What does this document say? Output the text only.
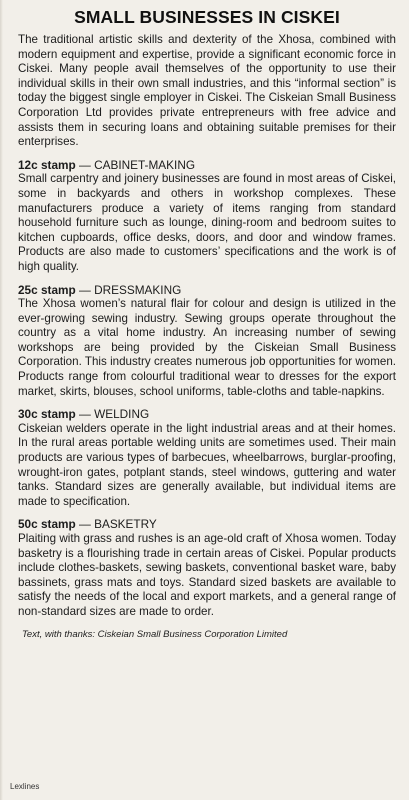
SMALL BUSINESSES IN CISKEI

The traditional artistic skills and dexterity of the Xhosa, combined with modern equipment and expertise, provide a significant economic force in Ciskei. Many people avail themselves of the opportunity to use their individual skills in their own small industries, and this “informal section” is today the biggest single employer in Ciskei. The Ciskeian Small Business Corporation Ltd provides private entrepreneurs with free advice and assists them in securing loans and obtaining suitable premises for their enterprises.

12c stamp — CABINET-MAKING

Small carpentry and joinery businesses are found in most areas of Ciskei, some in backyards and others in workshop complexes. These manufacturers produce a variety of items ranging from standard household furniture such as lounge, dining-room and bedroom suites to kitchen cupboards, office desks, doors, and door and window frames. Products are also made to customers’ specifications and the work is of high quality.

25c stamp — DRESSMAKING

The Xhosa women’s natural flair for colour and design is utilized in the ever-growing sewing industry. Sewing groups operate throughout the country as a vital home industry. An increasing number of sewing workshops are being provided by the Ciskeian Small Business Corporation. This industry creates numerous job opportunities for women. Products range from colourful traditional wear to dresses for the export market, skirts, blouses, school uniforms, table-cloths and table-napkins.

30c stamp — WELDING

Ciskeian welders operate in the light industrial areas and at their homes. In the rural areas portable welding units are sometimes used. Their main products are various types of barbecues, wheelbarrows, burglar-proofing, wrought-iron gates, potplant stands, steel windows, guttering and water tanks. Standard sizes are generally available, but individual items are made to specification.

50c stamp — BASKETRY

Plaiting with grass and rushes is an age-old craft of Xhosa women. Today basketry is a flourishing trade in certain areas of Ciskei. Popular products include clothes-baskets, sewing baskets, conventional basket ware, baby bassinets, grass mats and toys. Standard sized baskets are available to satisfy the needs of the local and export markets, and a general range of non-standard sizes are made to order.

Text, with thanks: Ciskeian Small Business Corporation Limited

Lexlines
